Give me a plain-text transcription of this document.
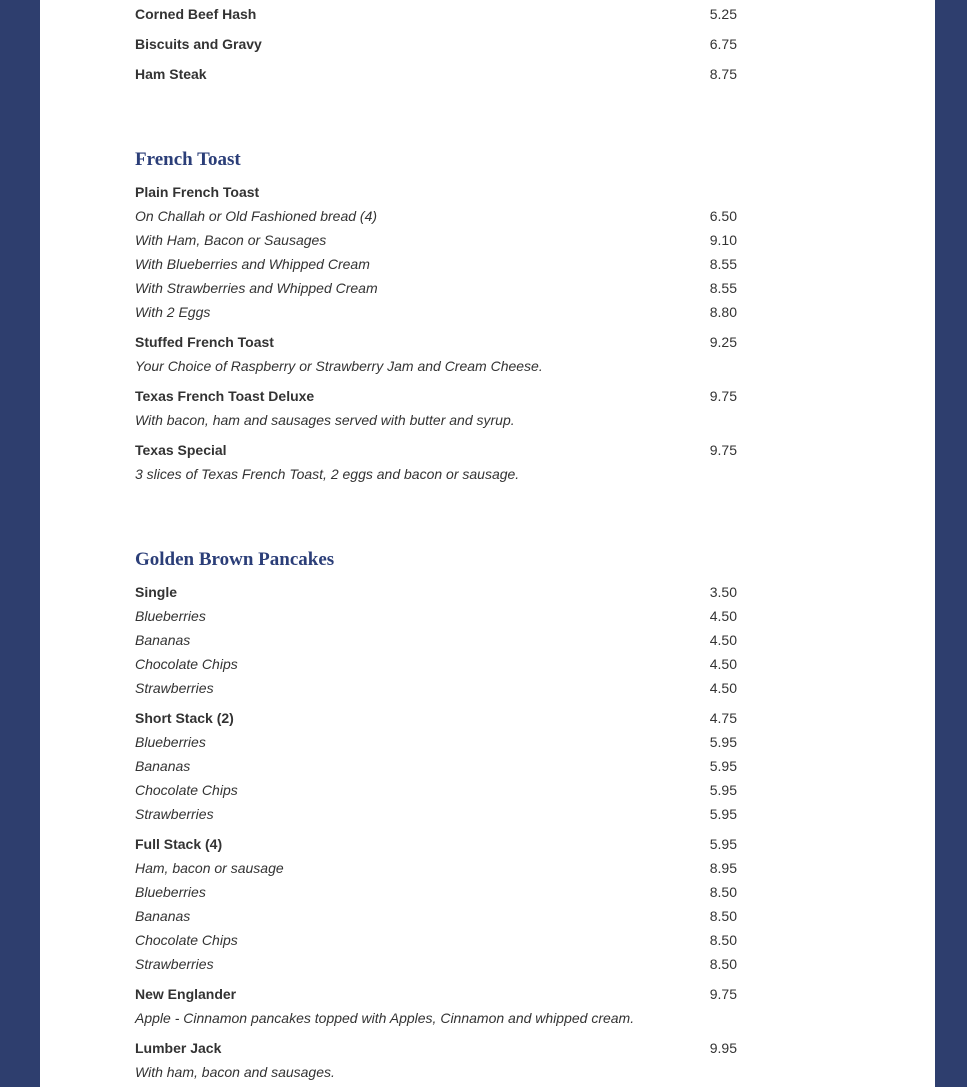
Corned Beef Hash	5.25
Biscuits and Gravy	6.75
Ham Steak	8.75
French Toast
Plain French Toast
On Challah or Old Fashioned bread (4)	6.50
With Ham, Bacon or Sausages	9.10
With Blueberries and Whipped Cream	8.55
With Strawberries and Whipped Cream	8.55
With 2 Eggs	8.80
Stuffed French Toast	9.25
Your Choice of Raspberry or Strawberry Jam and Cream Cheese.
Texas French Toast Deluxe	9.75
With bacon, ham and sausages served with butter and syrup.
Texas Special	9.75
3 slices of Texas French Toast, 2 eggs and bacon or sausage.
Golden Brown Pancakes
Single	3.50
Blueberries	4.50
Bananas	4.50
Chocolate Chips	4.50
Strawberries	4.50
Short Stack (2)	4.75
Blueberries	5.95
Bananas	5.95
Chocolate Chips	5.95
Strawberries	5.95
Full Stack (4)	5.95
Ham, bacon or sausage	8.95
Blueberries	8.50
Bananas	8.50
Chocolate Chips	8.50
Strawberries	8.50
New Englander	9.75
Apple - Cinnamon pancakes topped with Apples, Cinnamon and whipped cream.
Lumber Jack	9.95
With ham, bacon and sausages.
